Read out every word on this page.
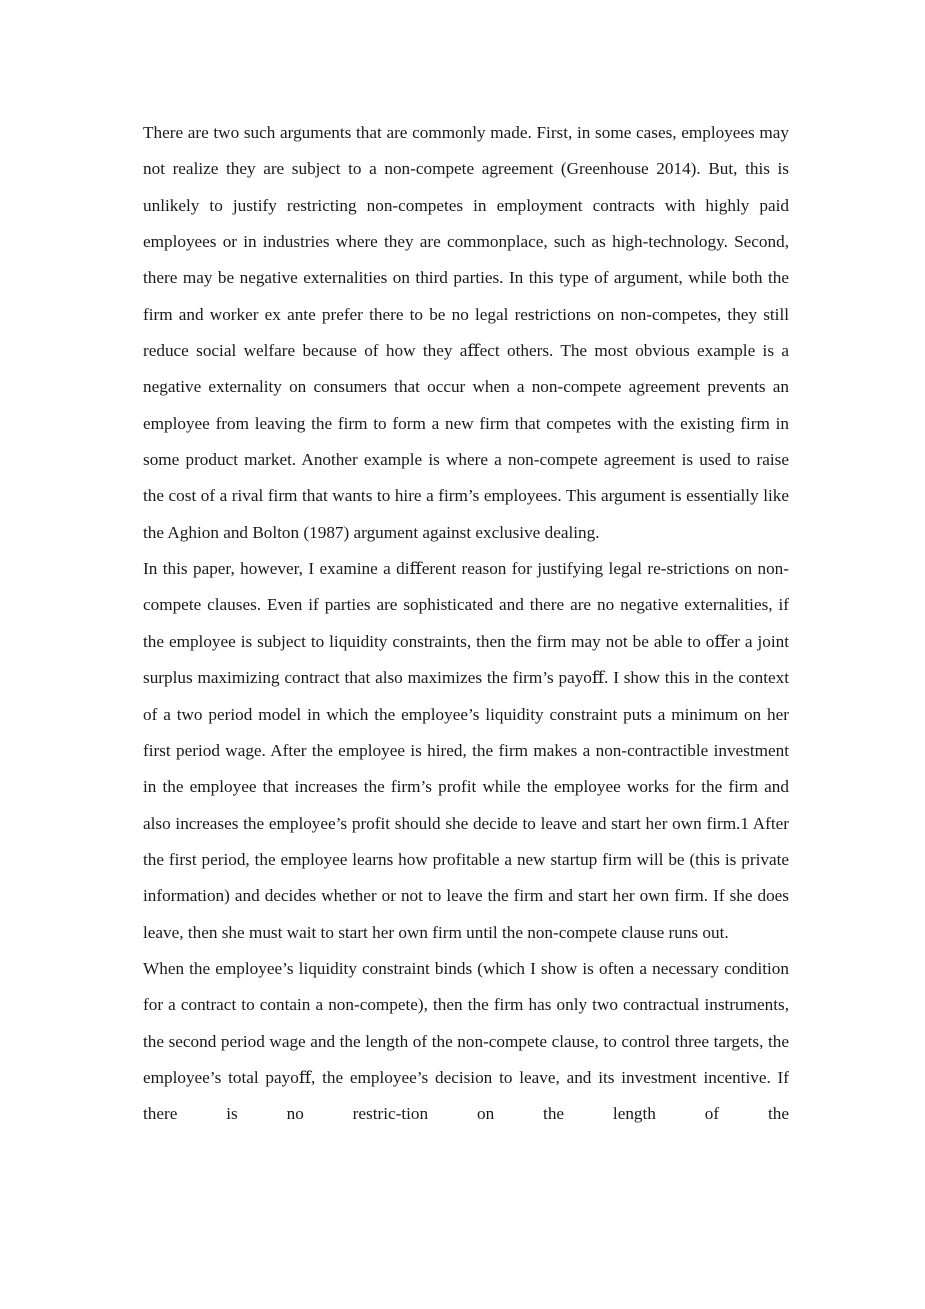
There are two such arguments that are commonly made. First, in some cases, employees may not realize they are subject to a non-compete agreement (Greenhouse 2014). But, this is unlikely to justify restricting non-competes in employment contracts with highly paid employees or in industries where they are commonplace, such as high-technology. Second, there may be negative externalities on third parties. In this type of argument, while both the firm and worker ex ante prefer there to be no legal restrictions on non-competes, they still reduce social welfare because of how they aﬀect others. The most obvious example is a negative externality on consumers that occur when a non-compete agreement prevents an employee from leaving the firm to form a new firm that competes with the existing firm in some product market. Another example is where a non-compete agreement is used to raise the cost of a rival firm that wants to hire a firm’s employees. This argument is essentially like the Aghion and Bolton (1987) argument against exclusive dealing.

In this paper, however, I examine a diﬀerent reason for justifying legal re-strictions on non-compete clauses. Even if parties are sophisticated and there are no negative externalities, if the employee is subject to liquidity constraints, then the firm may not be able to oﬀer a joint surplus maximizing contract that also maximizes the firm’s payoﬀ. I show this in the context of a two period model in which the employee’s liquidity constraint puts a minimum on her first period wage. After the employee is hired, the firm makes a non-contractible investment in the employee that increases the firm’s profit while the employee works for the firm and also increases the employee’s profit should she decide to leave and start her own firm.1 After the first period, the employee learns how profitable a new startup firm will be (this is private information) and decides whether or not to leave the firm and start her own firm. If she does leave, then she must wait to start her own firm until the non-compete clause runs out.

When the employee’s liquidity constraint binds (which I show is often a necessary condition for a contract to contain a non-compete), then the firm has only two contractual instruments, the second period wage and the length of the non-compete clause, to control three targets, the employee’s total payoﬀ, the employee’s decision to leave, and its investment incentive. If there is no restric-tion on the length of the
